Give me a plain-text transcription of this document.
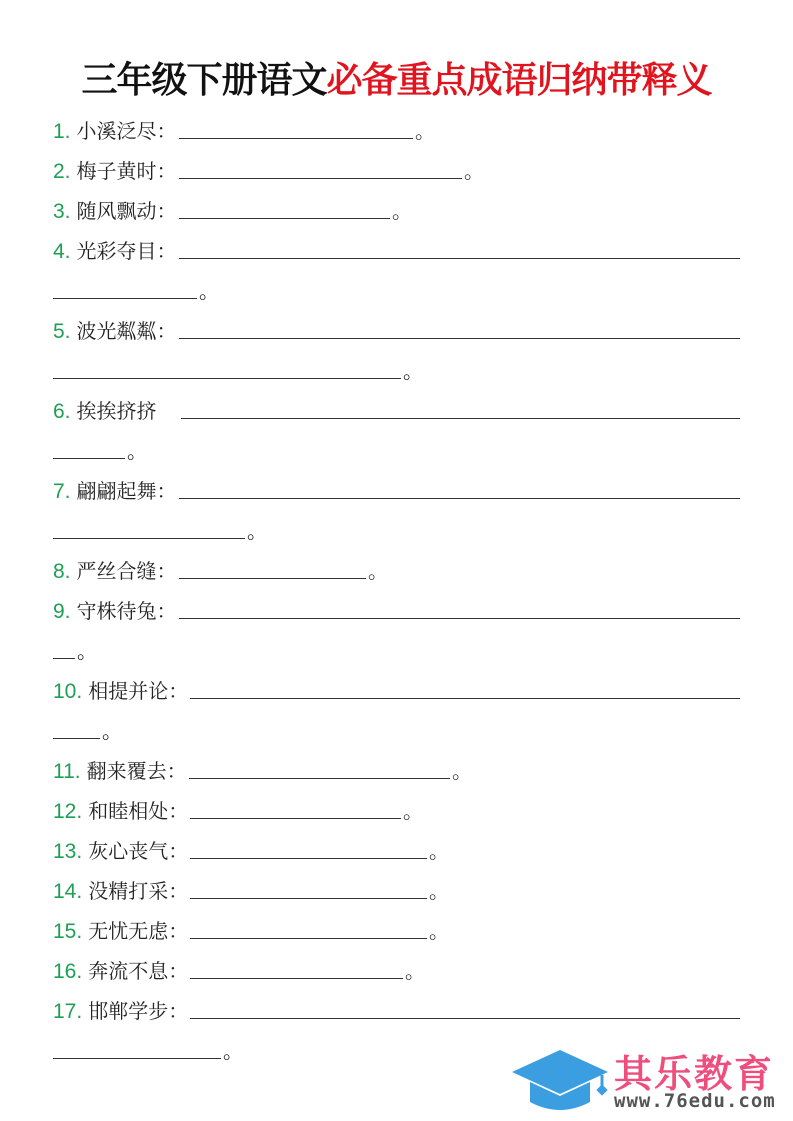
三年级下册语文必备重点成语归纳带释义
1. 小溪泛尽：	。
2. 梅子黄时：	。
3. 随风飘动：	。
4. 光彩夺目：
。
5. 波光粼粼：
。
6. 挨挨挤挤
。
7. 翩翩起舞：
。
8. 严丝合缝：	。
9. 守株待兔：
。
10. 相提并论：
。
11. 翻来覆去：	。
12. 和睦相处：	。
13. 灰心丧气：	。
14. 没精打采：	。
15. 无忧无虑：	。
16. 奔流不息：	。
17. 邯郸学步：
。
其乐教育
www.76edu.com
